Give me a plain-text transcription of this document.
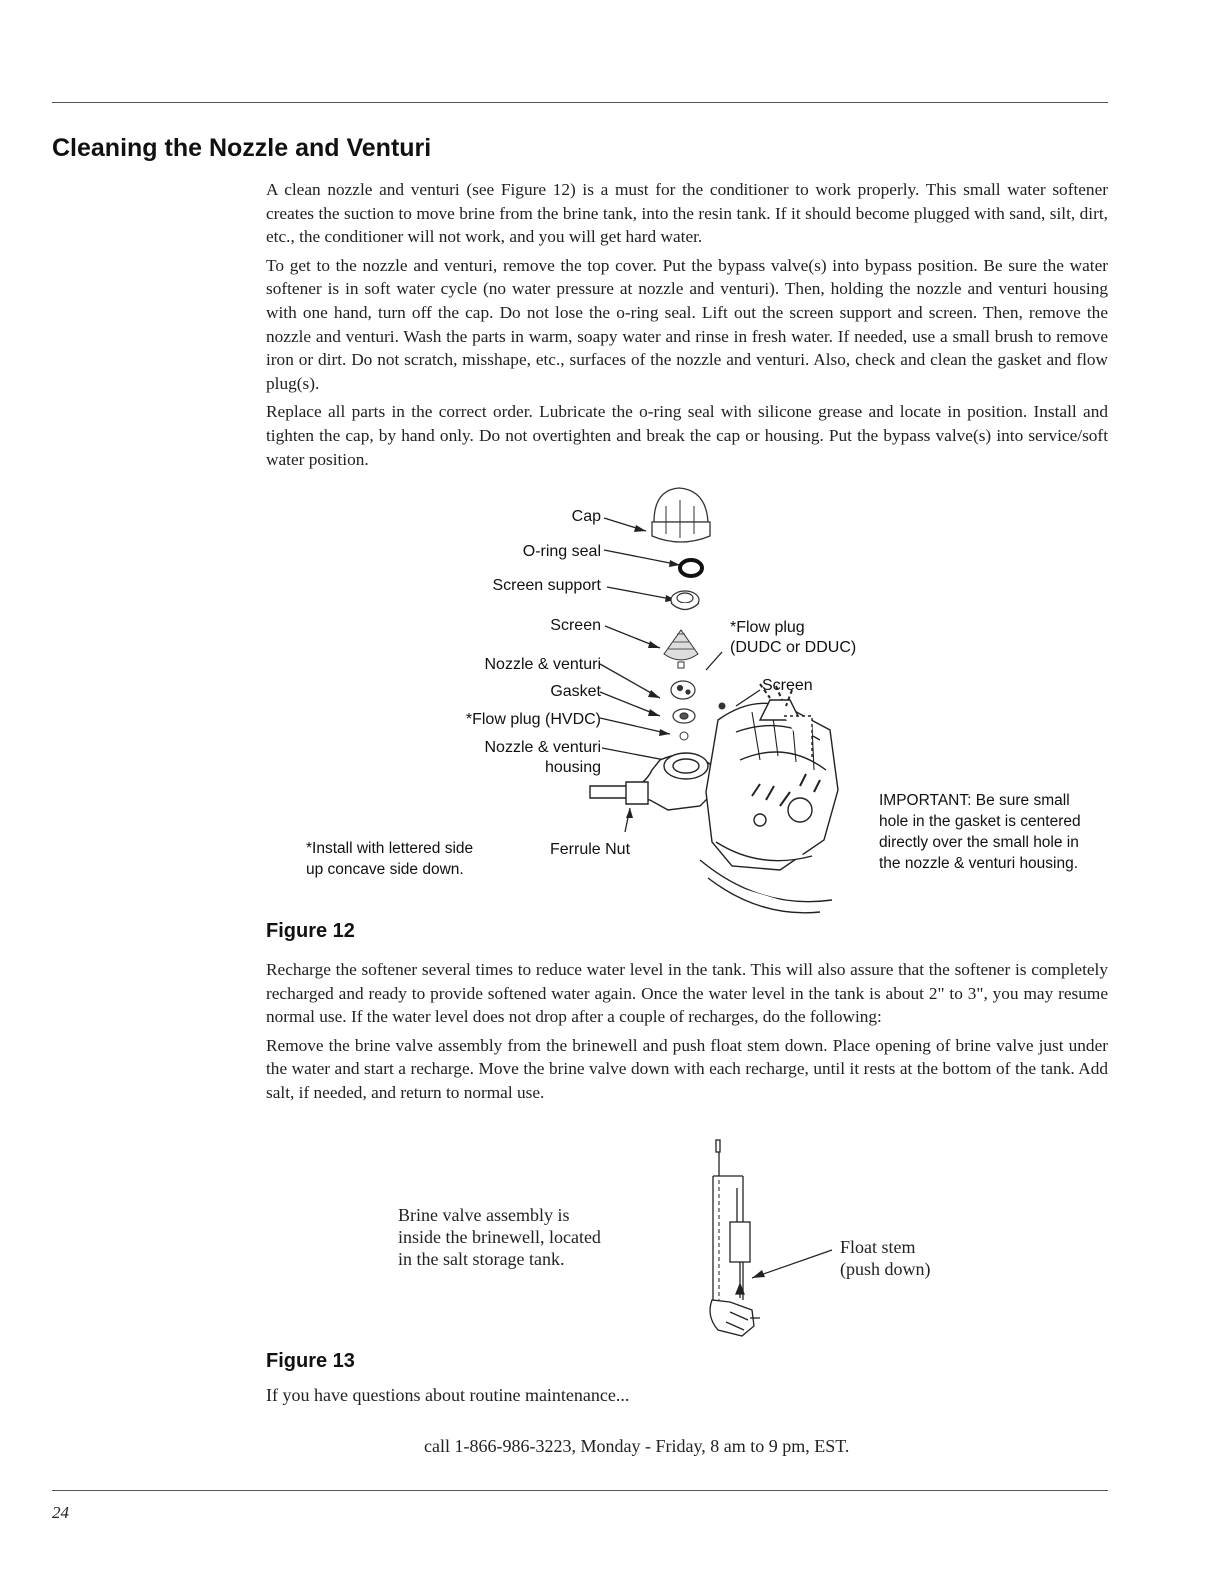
Cleaning the Nozzle and Venturi

A clean nozzle and venturi (see Figure 12) is a must for the conditioner to work properly. This small water softener creates the suction to move brine from the brine tank, into the resin tank. If it should become plugged with sand, silt, dirt, etc., the conditioner will not work, and you will get hard water.

To get to the nozzle and venturi, remove the top cover. Put the bypass valve(s) into bypass position. Be sure the water softener is in soft water cycle (no water pressure at nozzle and venturi). Then, holding the nozzle and venturi housing with one hand, turn off the cap. Do not lose the o-ring seal. Lift out the screen support and screen. Then, remove the nozzle and venturi. Wash the parts in warm, soapy water and rinse in fresh water. If needed, use a small brush to remove iron or dirt. Do not scratch, misshape, etc., surfaces of the nozzle and venturi. Also, check and clean the gasket and flow plug(s).

Replace all parts in the correct order. Lubricate the o-ring seal with silicone grease and locate in position. Install and tighten the cap, by hand only. Do not overtighten and break the cap or housing. Put the bypass valve(s) into service/soft water position.

Cap
O-ring seal
Screen support
Screen
Nozzle & venturi
Gasket
*Flow plug (HVDC)
Nozzle & venturi
housing
*Flow plug
(DUDC or DDUC)
Screen
Ferrule Nut
*Install with lettered side
up concave side down.
IMPORTANT: Be sure small hole in the gasket is centered directly over the small hole in the nozzle & venturi housing.

Figure 12

Recharge the softener several times to reduce water level in the tank. This will also assure that the softener is completely recharged and ready to provide softened water again. Once the water level in the tank is about 2" to 3", you may resume normal use. If the water level does not drop after a couple of recharges, do the following:

Remove the brine valve assembly from the brinewell and push float stem down. Place opening of brine valve just under the water and start a recharge. Move the brine valve down with each recharge, until it rests at the bottom of the tank. Add salt, if needed, and return to normal use.

Brine valve assembly is
inside the brinewell, located
in the salt storage tank.
Float stem
(push down)

Figure 13

If you have questions about routine maintenance...

call 1-866-986-3223, Monday - Friday, 8 am to 9 pm, EST.

24
